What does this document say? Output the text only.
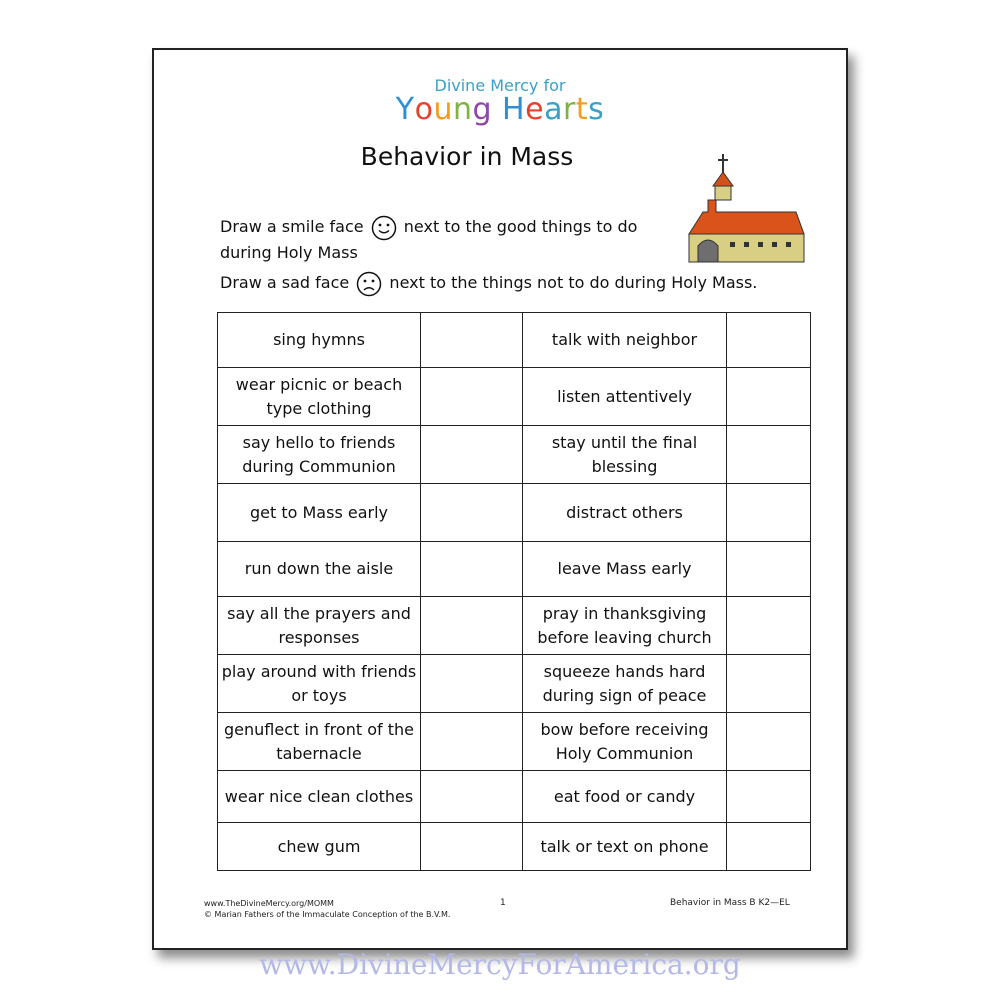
Divine Mercy for
Young Hearts
Behavior in Mass
Draw a smile face	next to the good things to do
during Holy Mass
Draw a sad face	next to the things not to do during Holy Mass.
sing hymns		talk with neighbor	
wear picnic or beach type clothing		listen attentively	
say hello to friends during Communion		stay until the final blessing	
get to Mass early		distract others	
run down the aisle		leave Mass early	
say all the prayers and responses		pray in thanksgiving before leaving church	
play around with friends or toys		squeeze hands hard during sign of peace	
genuflect in front of the tabernacle		bow before receiving Holy Communion	
wear nice clean clothes		eat food or candy	
chew gum		talk or text on phone	
www.TheDivineMercy.org/MOMM
© Marian Fathers of the Immaculate Conception of the B.V.M.
1	Behavior in Mass B K2—EL
www.DivineMercyForAmerica.org
